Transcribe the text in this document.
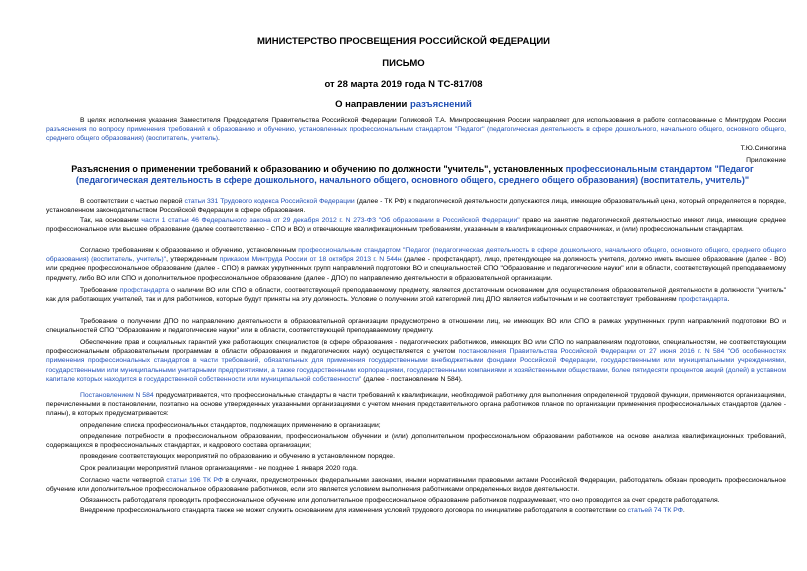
МИНИСТЕРСТВО ПРОСВЕЩЕНИЯ РОССИЙСКОЙ ФЕДЕРАЦИИ
ПИСЬМО
от 28 марта 2019 года N ТС-817/08
О направлении разъяснений
В целях исполнения указания Заместителя Председателя Правительства Российской Федерации Голиковой Т.А. Минпросвещения России направляет для использования в работе согласованные с Минтрудом России разъяснения по вопросу применения требований к образованию и обучению, установленных профессиональным стандартом "Педагог" (педагогическая деятельность в сфере дошкольного, начального общего, основного общего, среднего общего образования) (воспитатель, учитель).
Т.Ю.Синюгина
Приложение
Разъяснения о применении требований к образованию и обучению по должности "учитель", установленных профессиональным стандартом "Педагог (педагогическая деятельность в сфере дошкольного, начального общего, основного общего, среднего общего образования) (воспитатель, учитель)"
В соответствии с частью первой статьи 331 Трудового кодекса Российской Федерации (далее - ТК РФ) к педагогической деятельности допускаются лица, имеющие образовательный ценз, который определяется в порядке, установленном законодательством Российской Федерации в сфере образования.
Так, на основании части 1 статьи 46 Федерального закона от 29 декабря 2012 г. N 273-ФЗ "Об образовании в Российской Федерации" право на занятие педагогической деятельностью имеют лица, имеющие среднее профессиональное или высшее образование (далее соответственно - СПО и ВО) и отвечающие квалификационным требованиям, указанным в квалификационных справочниках, и (или) профессиональным стандартам.
Согласно требованиям к образованию и обучению, установленным профессиональным стандартом "Педагог (педагогическая деятельность в сфере дошкольного, начального общего, основного общего, среднего общего образования) (воспитатель, учитель)", утвержденным приказом Минтруда России от 18 октября 2013 г. N 544н (далее - профстандарт), лицо, претендующее на должность учителя, должно иметь высшее образование (далее - ВО) или среднее профессиональное образование (далее - СПО) в рамках укрупненных групп направлений подготовки ВО и специальностей СПО "Образование и педагогические науки" или в области, соответствующей преподаваемому предмету, либо ВО или СПО и дополнительное профессиональное образование (далее - ДПО) по направлению деятельности в образовательной организации.
Требование профстандарта о наличии ВО или СПО в области, соответствующей преподаваемому предмету, является достаточным основанием для осуществления образовательной деятельности в должности "учитель" как для работающих учителей, так и для работников, которые будут приняты на эту должность. Условие о получении этой категорией лиц ДПО является избыточным и не соответствует требованиям профстандарта.
Требование о получении ДПО по направлению деятельности в образовательной организации предусмотрено в отношении лиц, не имеющих ВО или СПО в рамках укрупненных групп направлений подготовки ВО и специальностей СПО "Образование и педагогические науки" или в области, соответствующей преподаваемому предмету.
Обеспечение прав и социальных гарантий уже работающих специалистов (в сфере образования - педагогических работников, имеющих ВО или СПО по направлениям подготовки, специальностям, не соответствующим профессиональным образовательным программам в области образования и педагогических наук) осуществляется с учетом постановления Правительства Российской Федерации от 27 июня 2016 г. N 584 "Об особенностях применения профессиональных стандартов в части требований, обязательных для применения государственными внебюджетными фондами Российской Федерации, государственными или муниципальными учреждениями, государственными или муниципальными унитарными предприятиями, а также государственными корпорациями, государственными компаниями и хозяйственными обществами, более пятидесяти процентов акций (долей) в уставном капитале которых находится в государственной собственности или муниципальной собственности" (далее - постановление N 584).
Постановлением N 584 предусматривается, что профессиональные стандарты в части требований к квалификации, необходимой работнику для выполнения определенной трудовой функции, применяются организациями, перечисленными в постановлении, поэтапно на основе утвержденных указанными организациями с учетом мнения представительного органа работников планов по организации применения профессиональных стандартов (далее - планы), в которых предусматривается:
определение списка профессиональных стандартов, подлежащих применению в организации;
определение потребности в профессиональном образовании, профессиональном обучении и (или) дополнительном профессиональном образовании работников на основе анализа квалификационных требований, содержащихся в профессиональных стандартах, и кадрового состава организации;
проведение соответствующих мероприятий по образованию и обучению в установленном порядке.
Срок реализации мероприятий планов организациями - не позднее 1 января 2020 года.
Согласно части четвертой статьи 196 ТК РФ в случаях, предусмотренных федеральными законами, иными нормативными правовыми актами Российской Федерации, работодатель обязан проводить профессиональное обучение или дополнительное профессиональное образование работников, если это является условием выполнения работниками определенных видов деятельности.
Обязанность работодателя проводить профессиональное обучение или дополнительное профессиональное образование работников подразумевает, что оно проводится за счет средств работодателя.
Внедрение профессионального стандарта также не может служить основанием для изменения условий трудового договора по инициативе работодателя в соответствии со статьей 74 ТК РФ.
